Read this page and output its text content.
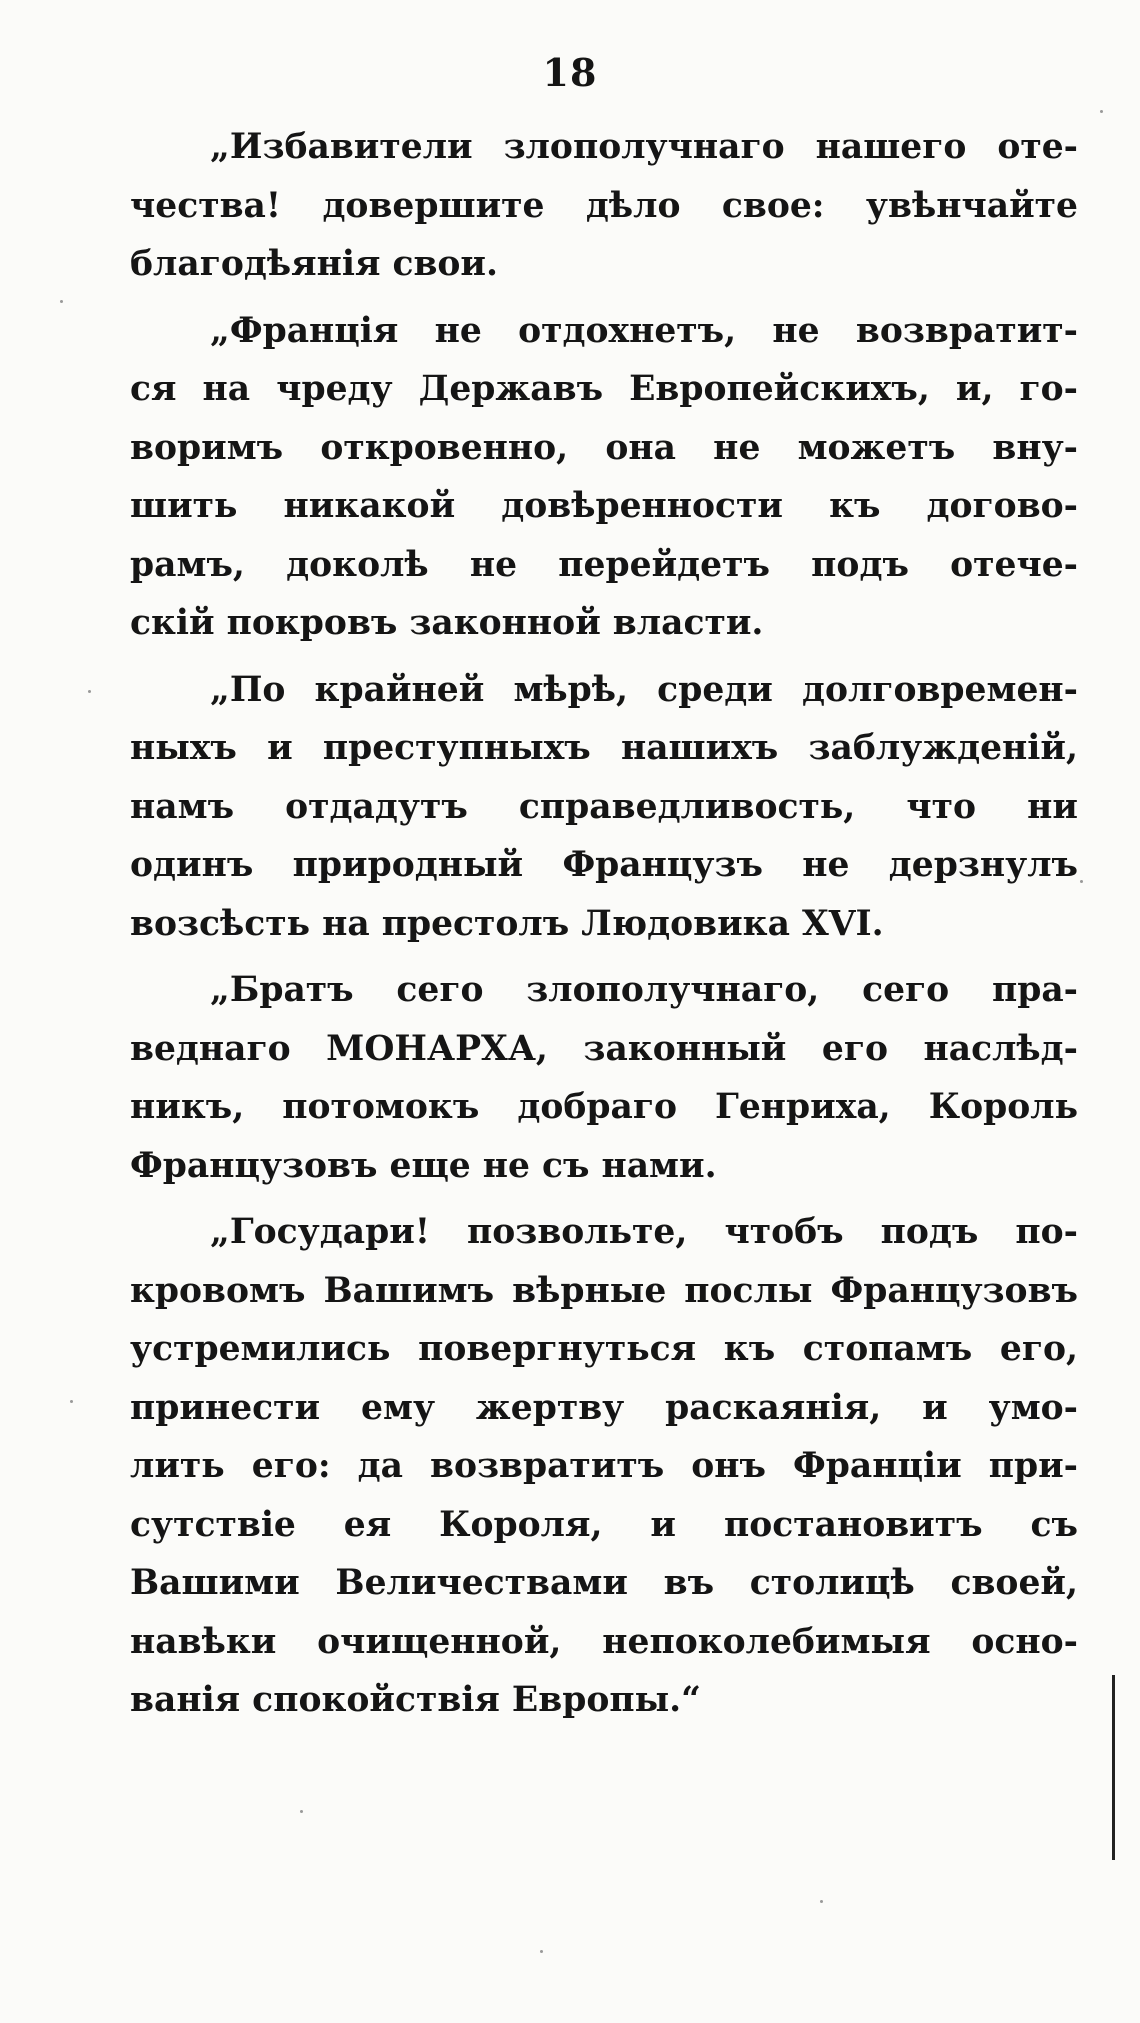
18

„Избавители злополучнаго нашего оте-
чества! довершите дѣло свое: увѣнчайте
благодѣянія свои.

„Франція не отдохнетъ, не возвратит-
ся на чреду Державъ Европейскихъ, и, го-
воримъ откровенно, она не можетъ вну-
шить никакой довѣренности къ догово-
рамъ, доколѣ не перейдетъ подъ отече-
скій покровъ законной власти.

„По крайней мѣрѣ, среди долговремен-
ныхъ и преступныхъ нашихъ заблужденій,
намъ отдадутъ справедливость, что ни
одинъ природный Французъ не дерзнулъ
возсѣсть на престолъ Людовика XVI.

„Братъ сего злополучнаго, сего пра-
веднаго МОНАРХА, законный его наслѣд-
никъ, потомокъ добраго Генриха, Король
Французовъ еще не съ нами.

„Государи! позвольте, чтобъ подъ по-
кровомъ Вашимъ вѣрные послы Французовъ
устремились повергнуться къ стопамъ его,
принести ему жертву раскаянія, и умо-
лить его: да возвратитъ онъ Франціи при-
сутствіе ея Короля, и постановитъ съ
Вашими Величествами въ столицѣ своей,
навѣки очищенной, непоколебимыя осно-
ванія спокойствія Европы.“
